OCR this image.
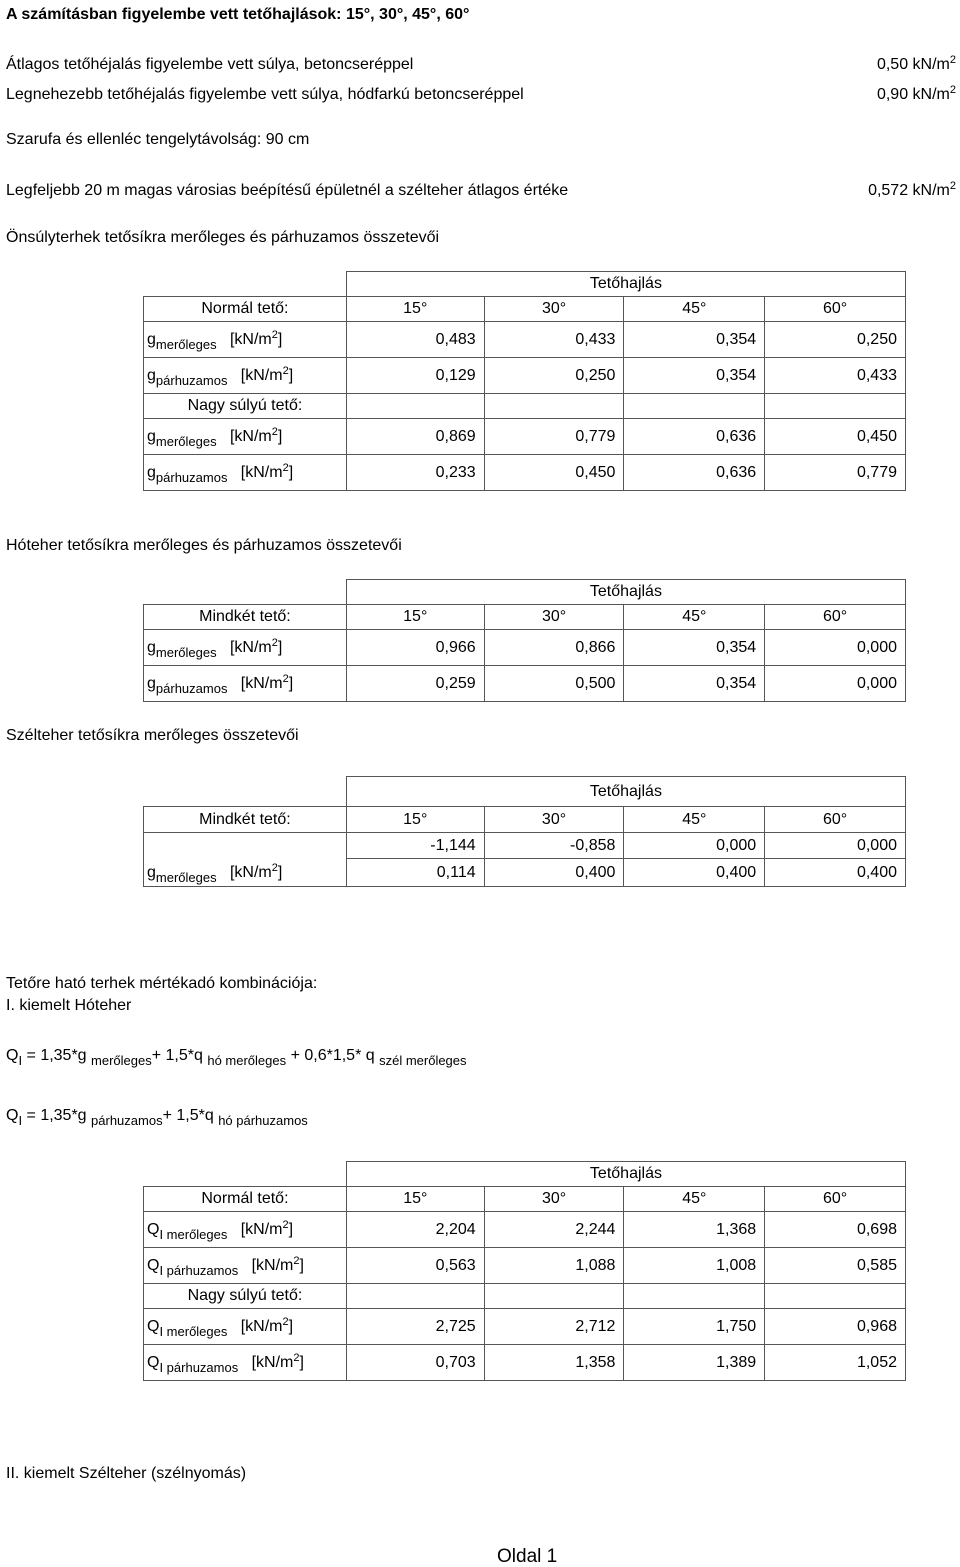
A számításban figyelembe vett tetőhajlások: 15°, 30°, 45°, 60°
Átlagos tetőhéjalás figyelembe vett súlya, betoncseréppel	0,50 $kN/m^2$
Legnehezebb tetőhéjalás figyelembe vett súlya, hódfarkú betoncseréppel	0,90 $kN/m^2$
Szarufa és ellenléc tengelytávolság: 90 cm
Legfeljebb 20 m magas városias beépítésű épületnél a szélteher átlagos értéke	0,572 $kN/m^2$
Önsúlyterhek tetősíkra merőleges és párhuzamos összetevői
	Tetőhajlás			
Normál tető:	15°	30°	45°	60°
$g_{merőleges}$ $[kN/m^2]$	0,483	0,433	0,354	0,250
$g_{párhuzamos}$ $[kN/m^2]$	0,129	0,250	0,354	0,433
Nagy súlyú tető:				
$g_{merőleges}$ $[kN/m^2]$	0,869	0,779	0,636	0,450
$g_{párhuzamos}$ $[kN/m^2]$	0,233	0,450	0,636	0,779
Hóteher tetősíkra merőleges és párhuzamos összetevői
	Tetőhajlás			
Mindkét tető:	15°	30°	45°	60°
$g_{merőleges}$ $[kN/m^2]$	0,966	0,866	0,354	0,000
$g_{párhuzamos}$ $[kN/m^2]$	0,259	0,500	0,354	0,000
Szélteher tetősíkra merőleges összetevői
	Tetőhajlás			
Mindkét tető:	15°	30°	45°	60°
$g_{merőleges}$ $[kN/m^2]$	-1,144	-0,858	0,000	0,000
	0,114	0,400	0,400	0,400
Tetőre ható terhek mértékadó kombinációja:
I. kiemelt Hóteher
$Q_I = 1,35*g$ $_{merőleges}$+ 1,5*q $_{hó merőleges}$ + 0,6*1,5* q $_{szél merőleges}$
$Q_I = 1,35*g$ $_{párhuzamos}$+ 1,5*q $_{hó párhuzamos}$
	Tetőhajlás			
Normál tető:	15°	30°	45°	60°
$Q_{I merőleges}$ $[kN/m^2]$	2,204	2,244	1,368	0,698
$Q_{I párhuzamos}$ $[kN/m^2]$	0,563	1,088	1,008	0,585
Nagy súlyú tető:				
$Q_{I merőleges}$ $[kN/m^2]$	2,725	2,712	1,750	0,968
$Q_{I párhuzamos}$ $[kN/m^2]$	0,703	1,358	1,389	1,052
II. kiemelt Szélteher (szélnyomás)
Oldal 1
